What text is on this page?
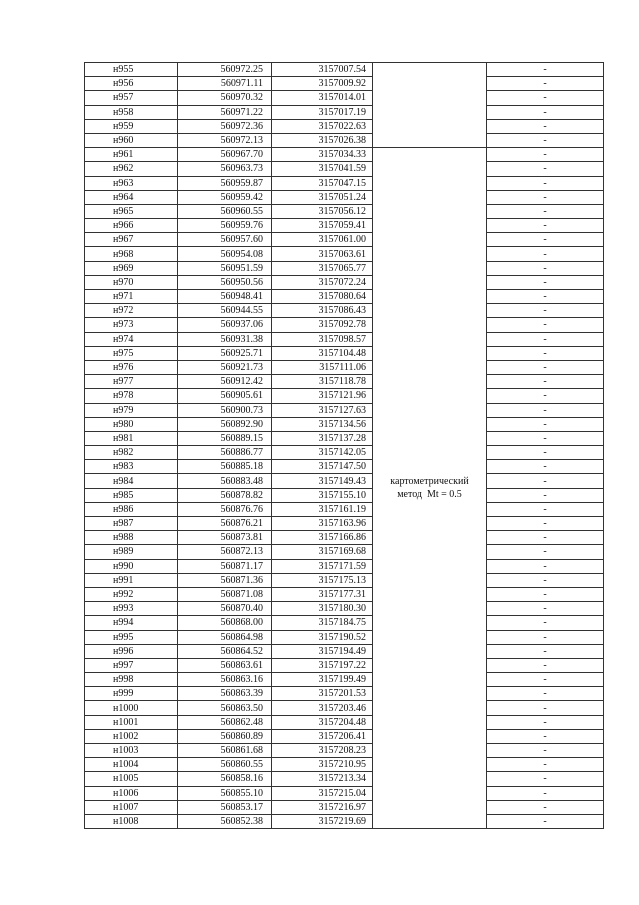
н955	560972.25	3157007.54		-
н956	560971.11	3157009.92		-
н957	560970.32	3157014.01		-
н958	560971.22	3157017.19		-
н959	560972.36	3157022.63		-
н960	560972.13	3157026.38		-
н961	560967.70	3157034.33	картометрический
метод  Mt = 0.5	-
н962	560963.73	3157041.59		-
н963	560959.87	3157047.15		-
н964	560959.42	3157051.24		-
н965	560960.55	3157056.12		-
н966	560959.76	3157059.41		-
н967	560957.60	3157061.00		-
н968	560954.08	3157063.61		-
н969	560951.59	3157065.77		-
н970	560950.56	3157072.24		-
н971	560948.41	3157080.64		-
н972	560944.55	3157086.43		-
н973	560937.06	3157092.78		-
н974	560931.38	3157098.57		-
н975	560925.71	3157104.48		-
н976	560921.73	3157111.06		-
н977	560912.42	3157118.78		-
н978	560905.61	3157121.96		-
н979	560900.73	3157127.63		-
н980	560892.90	3157134.56		-
н981	560889.15	3157137.28		-
н982	560886.77	3157142.05		-
н983	560885.18	3157147.50		-
н984	560883.48	3157149.43		-
н985	560878.82	3157155.10		-
н986	560876.76	3157161.19		-
н987	560876.21	3157163.96		-
н988	560873.81	3157166.86		-
н989	560872.13	3157169.68		-
н990	560871.17	3157171.59		-
н991	560871.36	3157175.13		-
н992	560871.08	3157177.31		-
н993	560870.40	3157180.30		-
н994	560868.00	3157184.75		-
н995	560864.98	3157190.52		-
н996	560864.52	3157194.49		-
н997	560863.61	3157197.22		-
н998	560863.16	3157199.49		-
н999	560863.39	3157201.53		-
н1000	560863.50	3157203.46		-
н1001	560862.48	3157204.48		-
н1002	560860.89	3157206.41		-
н1003	560861.68	3157208.23		-
н1004	560860.55	3157210.95		-
н1005	560858.16	3157213.34		-
н1006	560855.10	3157215.04		-
н1007	560853.17	3157216.97		-
н1008	560852.38	3157219.69		-
